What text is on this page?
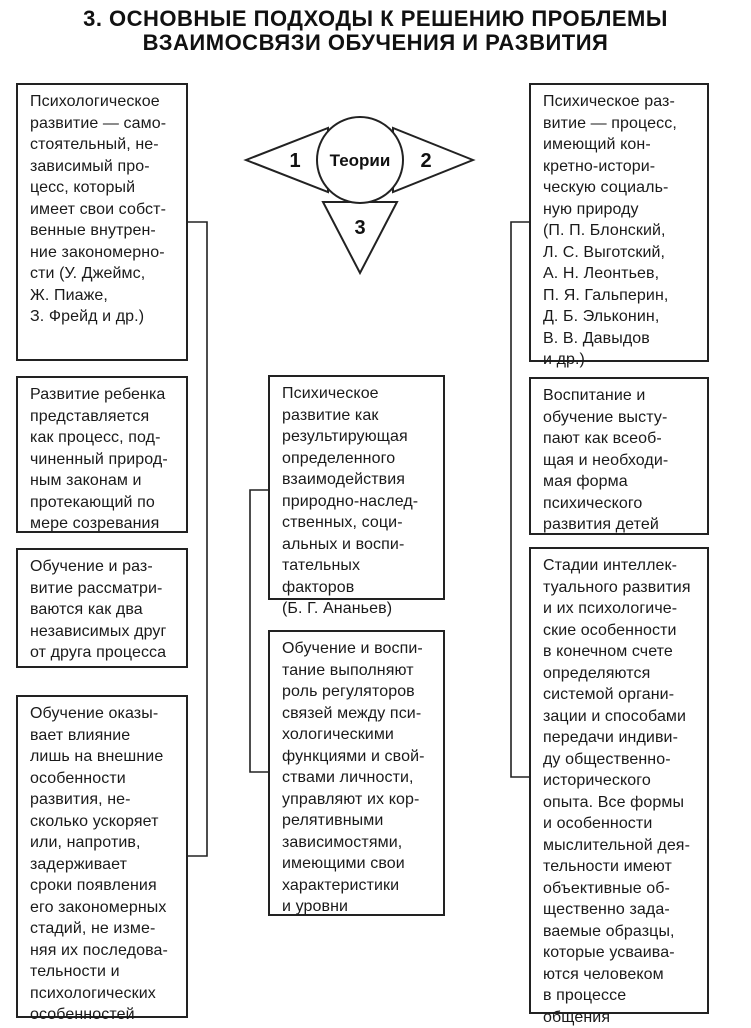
3. ОСНОВНЫЕ ПОДХОДЫ К РЕШЕНИЮ ПРОБЛЕМЫ
ВЗАИМОСВЯЗИ ОБУЧЕНИЯ И РАЗВИТИЯ
1	2
3
Теории
Психологическое
развитие — само-
стоятельный, не-
зависимый про-
цесс, который
имеет свои собст-
венные внутрен-
ние закономерно-
сти (У. Джеймс,
Ж. Пиаже,
З. Фрейд и др.)
Развитие ребенка
представляется
как процесс, под-
чиненный природ-
ным законам и
протекающий по
мере созревания
Обучение и раз-
витие рассматри-
ваются как два
независимых друг
от друга процесса
Обучение оказы-
вает влияние
лишь на внешние
особенности
развития, не-
сколько ускоряет
или, напротив,
задерживает
сроки появления
его закономерных
стадий, не изме-
няя их последова-
тельности и
психологических
особенностей
Психическое
развитие как
результирующая
определенного
взаимодействия
природно-наслед-
ственных, соци-
альных и воспи-
тательных факторов
(Б. Г. Ананьев)
Обучение и воспи-
тание выполняют
роль регуляторов
связей между пси-
хологическими
функциями и свой-
ствами личности,
управляют их кор-
релятивными
зависимостями,
имеющими свои
характеристики
и уровни
Психическое раз-
витие — процесс,
имеющий кон-
кретно-истори-
ческую социаль-
ную природу
(П. П. Блонский,
Л. С. Выготский,
А. Н. Леонтьев,
П. Я. Гальперин,
Д. Б. Эльконин,
В. В. Давыдов
и др.)
Воспитание и
обучение высту-
пают как всеоб-
щая и необходи-
мая форма
психического
развития детей
Стадии интеллек-
туального развития
и их психологиче-
ские особенности
в конечном счете
определяются
системой органи-
зации и способами
передачи индиви-
ду общественно-
исторического
опыта. Все формы
и особенности
мыслительной дея-
тельности имеют
объективные об-
щественно зада-
ваемые образцы,
которые усваива-
ются человеком
в процессе
общения
